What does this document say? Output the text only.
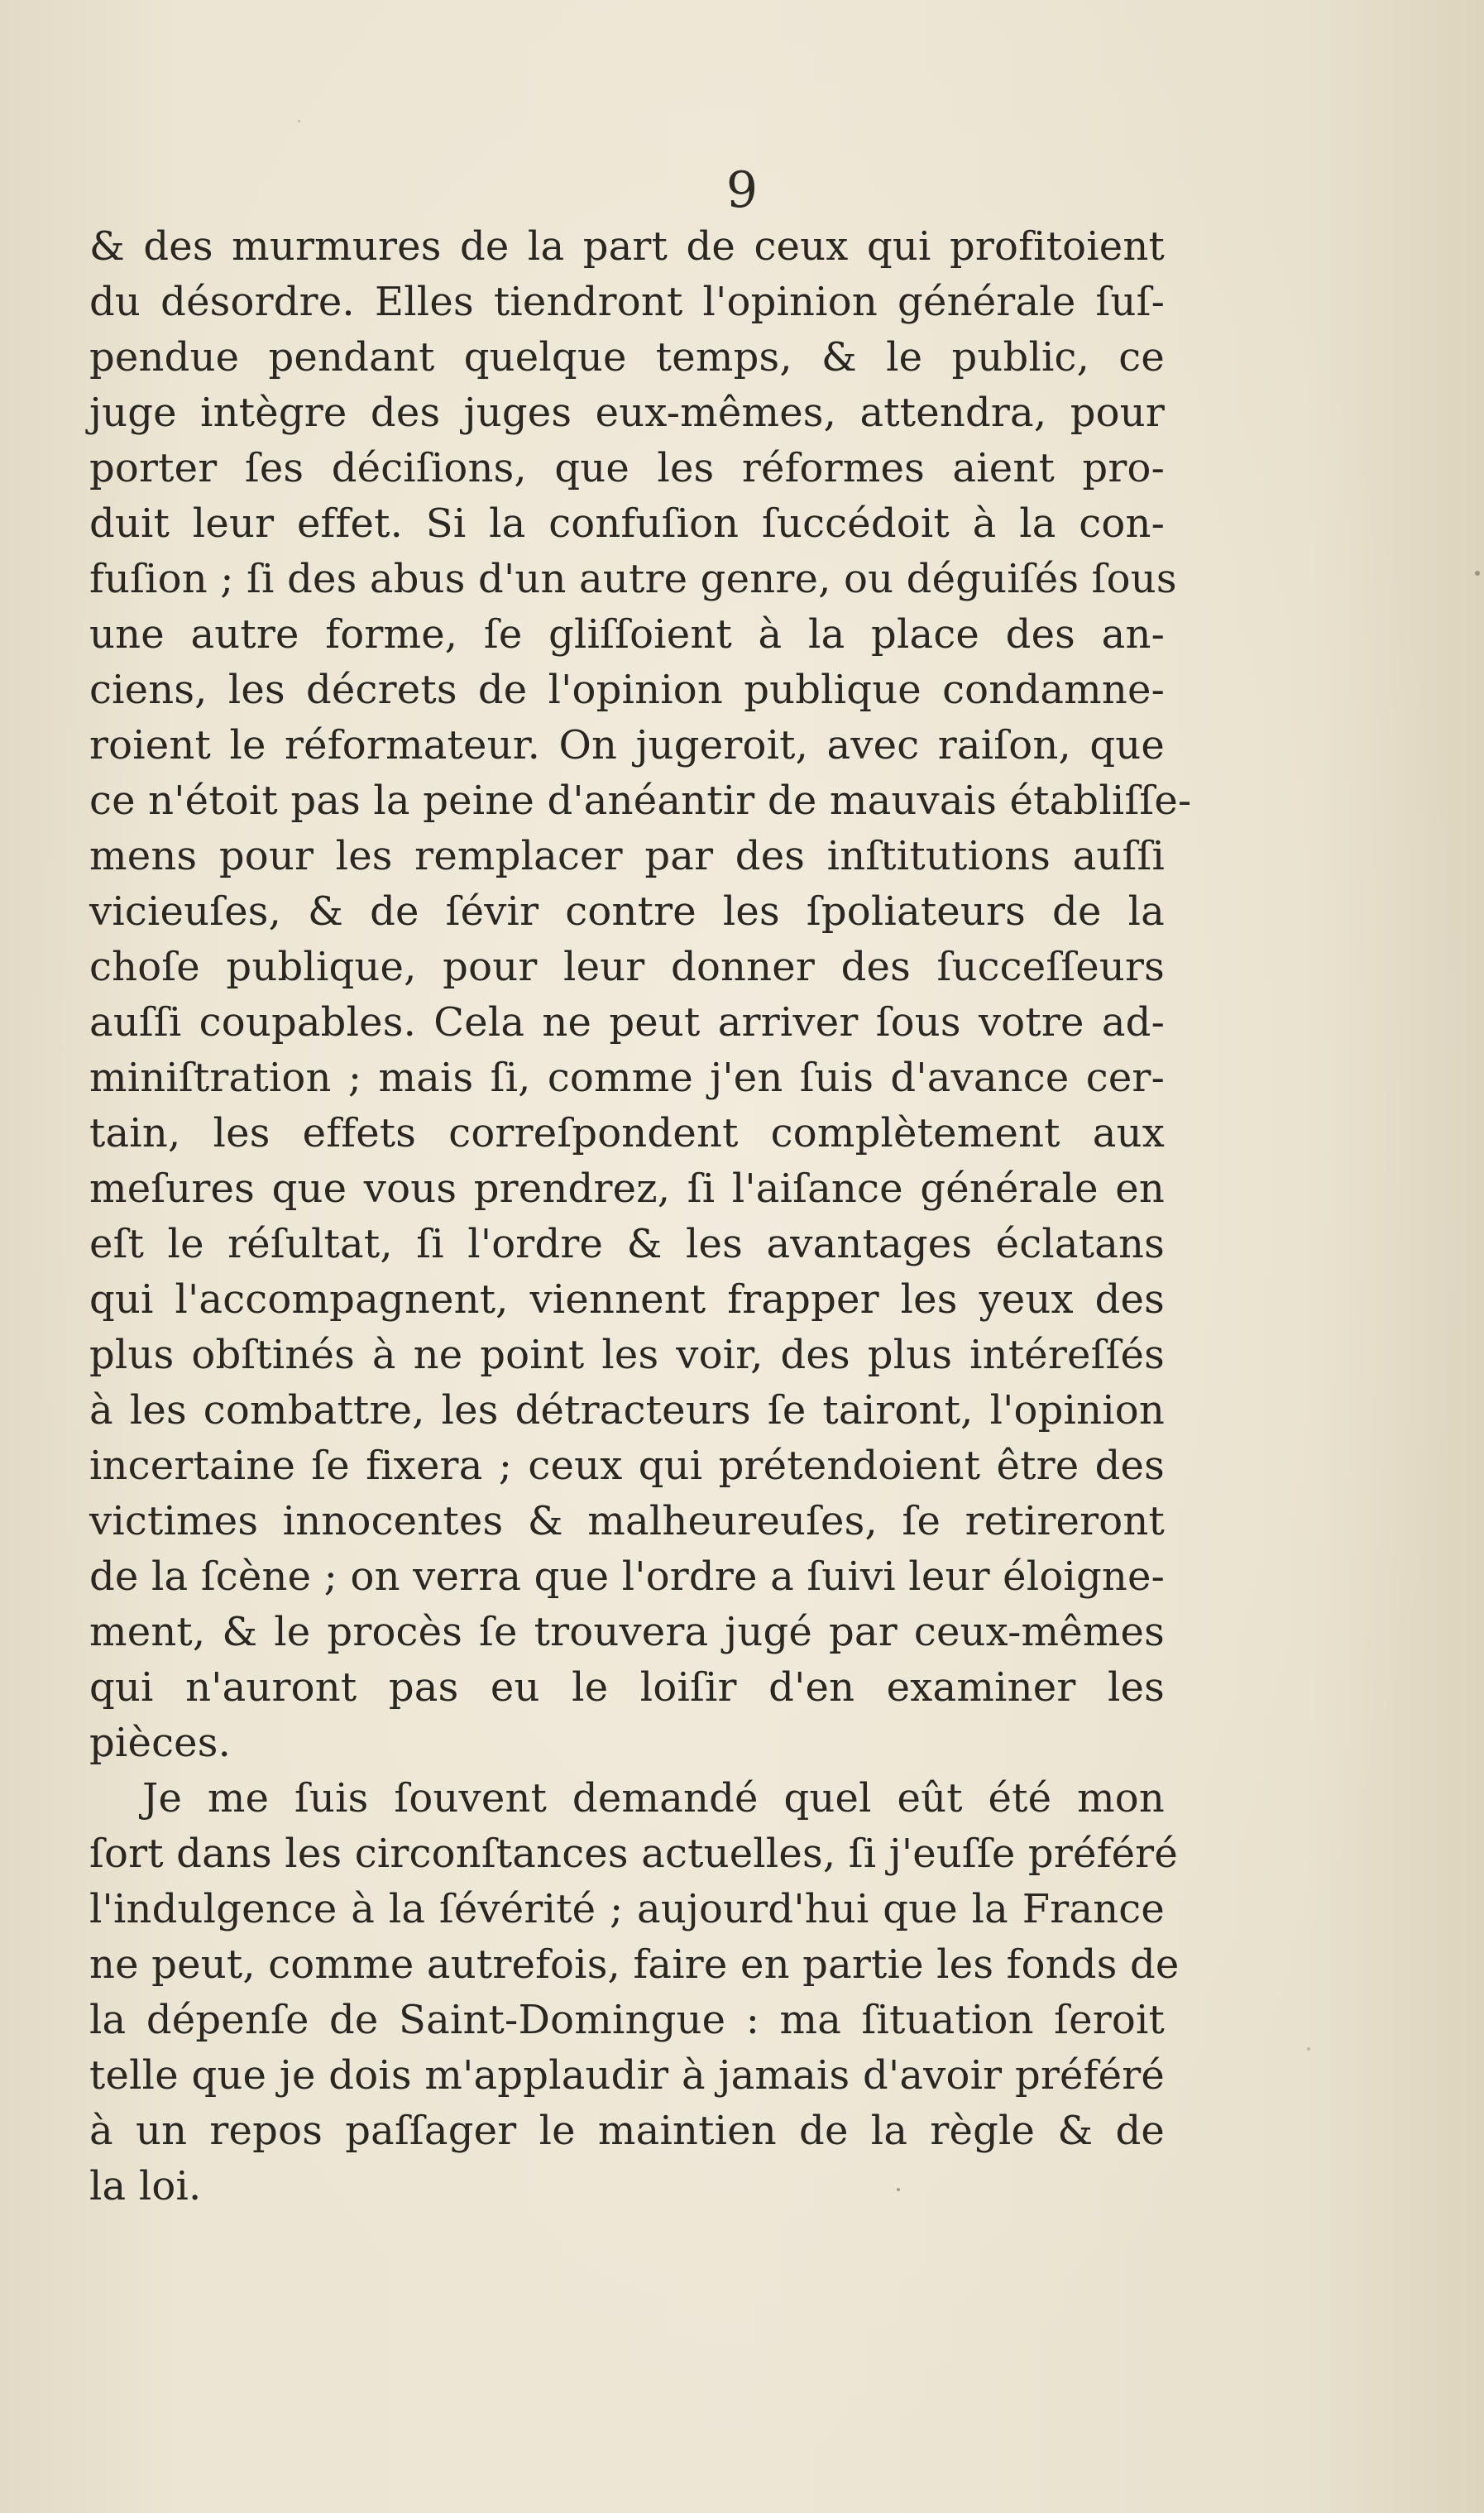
9
& des murmures de la part de ceux qui profitoient
du désordre. Elles tiendront l'opinion générale ſuſ-
pendue pendant quelque temps, & le public, ce
juge intègre des juges eux-mêmes, attendra, pour
porter ſes déciſions, que les réformes aient pro-
duit leur effet. Si la confuſion ſuccédoit à la con-
fuſion ; ſi des abus d'un autre genre, ou déguiſés ſous
une autre forme, ſe gliſſoient à la place des an-
ciens, les décrets de l'opinion publique condamne-
roient le réformateur. On jugeroit, avec raiſon, que
ce n'étoit pas la peine d'anéantir de mauvais établiſſe-
mens pour les remplacer par des inſtitutions auſſi
vicieuſes, & de ſévir contre les ſpoliateurs de la
choſe publique, pour leur donner des ſucceſſeurs
auſſi coupables. Cela ne peut arriver ſous votre ad-
miniſtration ; mais ſi, comme j'en ſuis d'avance cer-
tain, les effets correſpondent complètement aux
meſures que vous prendrez, ſi l'aiſance générale en
eſt le réſultat, ſi l'ordre & les avantages éclatans
qui l'accompagnent, viennent frapper les yeux des
plus obſtinés à ne point les voir, des plus intéreſſés
à les combattre, les détracteurs ſe tairont, l'opinion
incertaine ſe fixera ; ceux qui prétendoient être des
victimes innocentes & malheureuſes, ſe retireront
de la ſcène ; on verra que l'ordre a ſuivi leur éloigne-
ment, & le procès ſe trouvera jugé par ceux-mêmes
qui n'auront pas eu le loiſir d'en examiner les
pièces.
Je me ſuis ſouvent demandé quel eût été mon
ſort dans les circonſtances actuelles, ſi j'euſſe préféré
l'indulgence à la ſévérité ; aujourd'hui que la France
ne peut, comme autrefois, faire en partie les fonds de
la dépenſe de Saint-Domingue : ma ſituation ſeroit
telle que je dois m'applaudir à jamais d'avoir préféré
à un repos paſſager le maintien de la règle & de
la loi.
